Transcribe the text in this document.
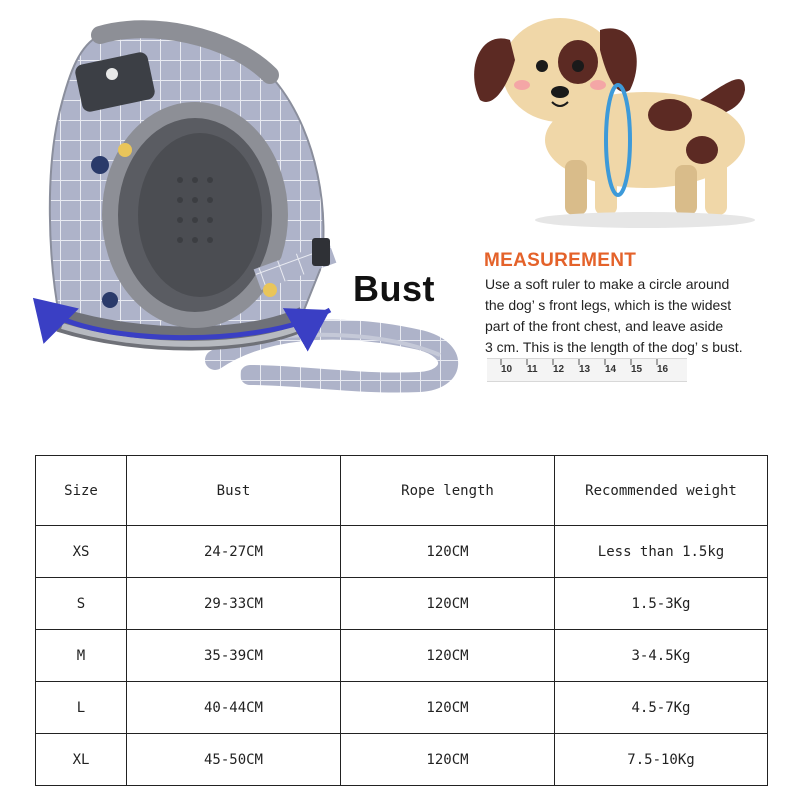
Bust
MEASUREMENT
Use a soft ruler to make a circle around
the dog’ s front legs, which is the widest
part of the front chest, and leave aside
3 cm. This is the length of the dog’ s bust.
10	11	12	13	14	15	16
Size	Bust	Rope length	Recommended weight
XS	24-27CM	120CM	Less than 1.5kg
S	29-33CM	120CM	1.5-3Kg
M	35-39CM	120CM	3-4.5Kg
L	40-44CM	120CM	4.5-7Kg
XL	45-50CM	120CM	7.5-10Kg
